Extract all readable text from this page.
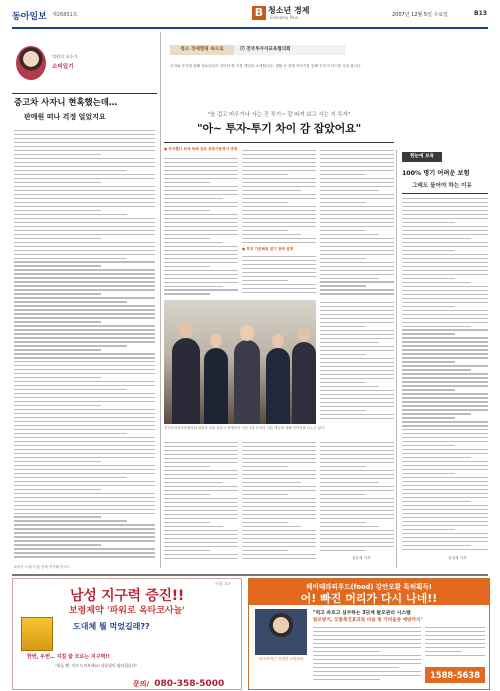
동아일보 제26851호	B 청소년 경제
Economy Plus	2007년 12월 5일 수요일	B13
청소 경제캠핑 속으로	⑺ 전국투자자교육협의회
투자와 투기에 관해 청소년들이 알아야 할 기본 개념을 소개합니다. 생활 속 경제 이야기를 통해 투자 마인드를 키워 봅니다.
억원의 교수가
소비일기
증고차 사자니 현혹했는데…
판매원 떠나 걱정 얼었지요
※필자 소개(가칭) 함께 생각해 봅시다.
"늘 겁고 마우기나 사는 건 투기~ 잘 따져 보고 사는 지 투자"
"아~ 투자-투기 차이 감 잡았어요"
● 투자했다 외에 독해 검증 중중가용영이 생영
● 투자 기본배워 얼기 장래 설명
전국투자자교육협의회 위원과 서울 중동고 학생들이 지난 1일 투자의 기본 개념에 대해 이야기를 나누고 있다.
김윤재 기자
한눈에 보육
100% 명기 어려운 보험
그래도 들어야 하는 이유
김성재 기자
<광 고>
남성 지구력 증진!!
보령제약 '파워로 옥타코사놀'
도대체 뭘 먹었길래??
한번, 두번… 지침 줄 모르는 지구력!!
"힘들 땐, 이거 드셔보세요! 다음날이 달라집니다"
문의/ 080-358-5000
헤어테라피푸드(food) 강안모환 특허획득!
어! 빠진 머리가 다시 나네!!
"먹고 바르고 심쿠하는 3단계 탈모관리 시스템
탈모방지, 모발촉진효과와 비듬 및 가려움증 예방까지"
마시며 먹는 건강한 모발관리
1588-5638
